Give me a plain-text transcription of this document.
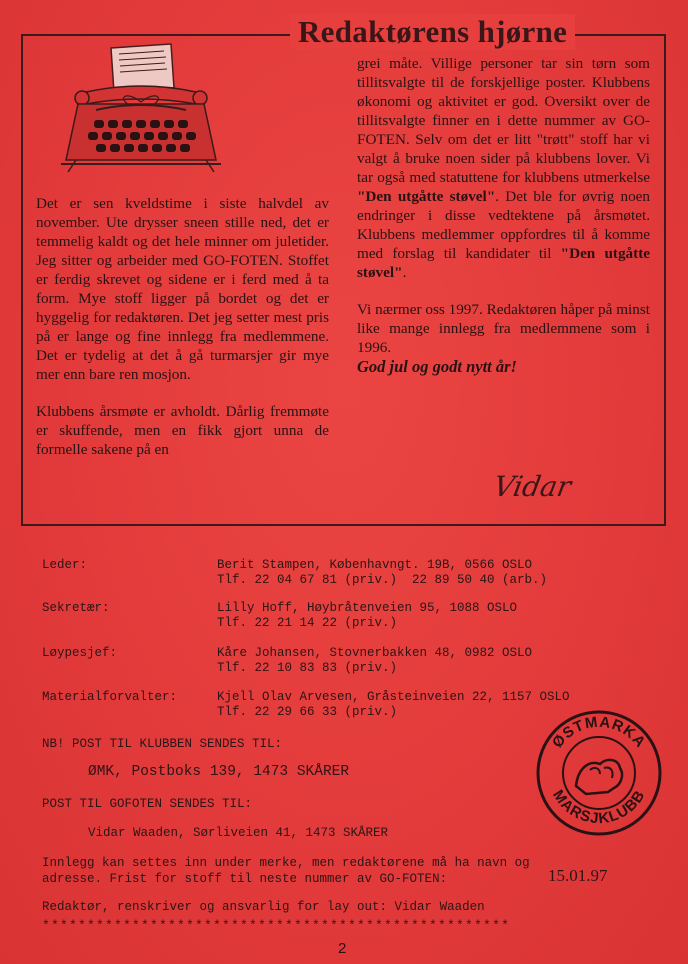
Redaktørens hjørne

Det er sen kveldstime i siste halvdel av november. Ute drysser sneen stille ned, det er temmelig kaldt og det hele minner om juletider. Jeg sitter og arbeider med GO-FOTEN. Stoffet er ferdig skrevet og sidene er i ferd med å ta form. Mye stoff ligger på bordet og det er hyggelig for redaktøren. Det jeg setter mest pris på er lange og fine innlegg fra medlemmene. Det er tydelig at det å gå turmarsjer gir mye mer enn bare ren mosjon.

Klubbens årsmøte er avholdt. Dårlig fremmøte er skuffende, men en fikk gjort unna de formelle sakene på en

grei måte. Villige personer tar sin tørn som tillitsvalgte til de forskjellige poster. Klubbens økonomi og aktivitet er god. Oversikt over de tillitsvalgte finner en i dette nummer av GO-FOTEN. Selv om det er litt "trøtt" stoff har vi valgt å bruke noen sider på klubbens lover. Vi tar også med statuttene for klubbens utmerkelse "Den utgåtte støvel". Det ble for øvrig noen endringer i disse vedtektene på årsmøtet. Klubbens medlemmer oppfordres til å komme med forslag til kandidater til "Den utgåtte støvel".

Vi nærmer oss 1997. Redaktøren håper på minst like mange innlegg fra medlemmene som i 1996.

God jul og godt nytt år!

Vidar
Leder:	Berit Stampen, Københavngt. 19B, 0566 OSLO
Tlf. 22 04 67 81 (priv.)  22 89 50 40 (arb.)
Sekretær:	Lilly Hoff, Høybråtenveien 95, 1088 OSLO
Tlf. 22 21 14 22 (priv.)
Løypesjef:	Kåre Johansen, Stovnerbakken 48, 0982 OSLO
Tlf. 22 10 83 83 (priv.)
Materialforvalter:	Kjell Olav Arvesen, Gråsteinveien 22, 1157 OSLO
Tlf. 22 29 66 33 (priv.)
NB! POST TIL KLUBBEN SENDES TIL:
ØMK, Postboks 139, 1473 SKÅRER
POST TIL GOFOTEN SENDES TIL:
Vidar Waaden, Sørliveien 41, 1473 SKÅRER
Innlegg kan settes inn under merke, men redaktørene må ha navn og
adresse. Frist for stoff til neste nummer av GO-FOTEN:	15.01.97
Redaktør, renskriver og ansvarlig for lay out: Vidar Waaden
****************************************************
2
ØSTMARKA
MARSJKLUBB
